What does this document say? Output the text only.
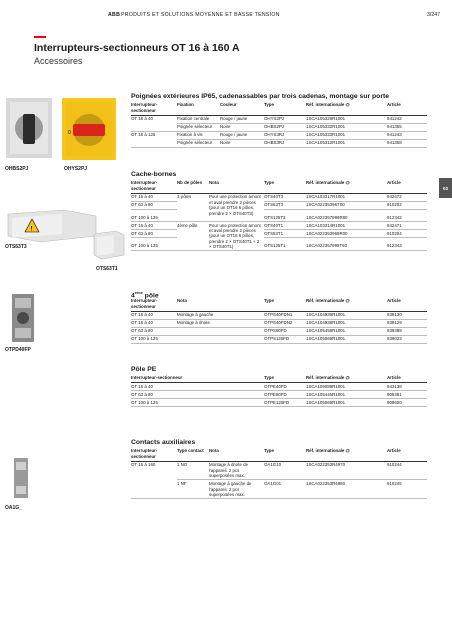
ABB PRODUITS ET SOLUTIONS MOYENNE ET BASSE TENSION	3/247
Interrupteurs-sectionneurs OT 16 à 160 A
Accessoires
03
OHBS2PJ
0
OHYS2PJ
!
OTS63T3
OTS63T1
OTPD40FP
OA1G_
Poignées extérieures IP65, cadenassables par trois cadenas, montage sur porte
Interrupteur-sectionneur	Fixation	Couleur	Type	Réf. internationale @	Article
OT 16 à 40	Fixation centrale	Rouge / jaune	OHYS2PJ	1SCA105329R1001	941242
	Poignée sélecteur	Noire	OHBS2PJ	1SCA105332R1001	941355
OT 16 à 125	Fixation à vis	Rouge / jaune	OHYS3RJ	1SCA105333R1001	941243
	Poignée sélecteur	Noire	OHBS3RJ	1SCA105312R1001	941358
Cache-bornes
Interrupteur-sectionneur	Nb de pôles	Nota	Type	Réf. internationale @	Article
OT 16 à 40	3 pôles	Pour une protection amont et aval prendre 2 pièces (pour un OT16 6 pôles, prendre 2 × OTS40T3)	OTS40T3	1SCA103317R1001	942472
OT 63 à 80			OTS63T3	1SCA022353967S0	910202
OT 100 à 125			OTS125T3	1SCA022357999R80	912342
OT 16 à 40	4ème pôle	Pour une protection amont et aval prendre 2 pièces (pour un OT16 6 pôles, prendre 2 × OTS40T1 + 2 × OTS40T1)	OTS40T1	1SCA103314R1001	942471
OT 63 à 80			OTS63T1	1SCA022353969R00	910204
OT 100 à 125			OTS125T1	1SCA022357999T60	912343
4ème pôle
Interrupteur-sectionneur	Nota	Type	Réf. internationale @	Article
OT 16 à 40	Montage à gauche	OTPS40FDN1	1SCA104939R1001	939130
OT 16 à 40	Montage à droite	OTPS40FDN2	1SCA104938R1001	939129
OT 63 à 80		OTPS80FD	1SCA105458R1001	939389
OT 100 à 125		OTPS125FD	1SCA105069R1001	939023
Pôle PE
Interrupteur-sectionneur	Type	Réf. internationale @	Article
OT 16 à 40	OTPE40FD	1SCA109089R1001	943138
OT 63 à 80	OTPE80FD	1SCA105445R1001	909381
OT 100 à 125	OTPE125FD	1SCA105069R1001	909600
Contacts auxiliaires
Interrupteur-sectionneur	Type contact	Nota	Type	Réf. internationale @	Article
OT 16 à 160	1 NO	Montage à droite de l'appareil. 2 pcs superposées max.	OA1G10	1SCA022353R4970	910244
	1 NF	Montage à gauche de l'appareil. 2 pcs superposées max.	OA1G01	1SCA022353R4880	910245
